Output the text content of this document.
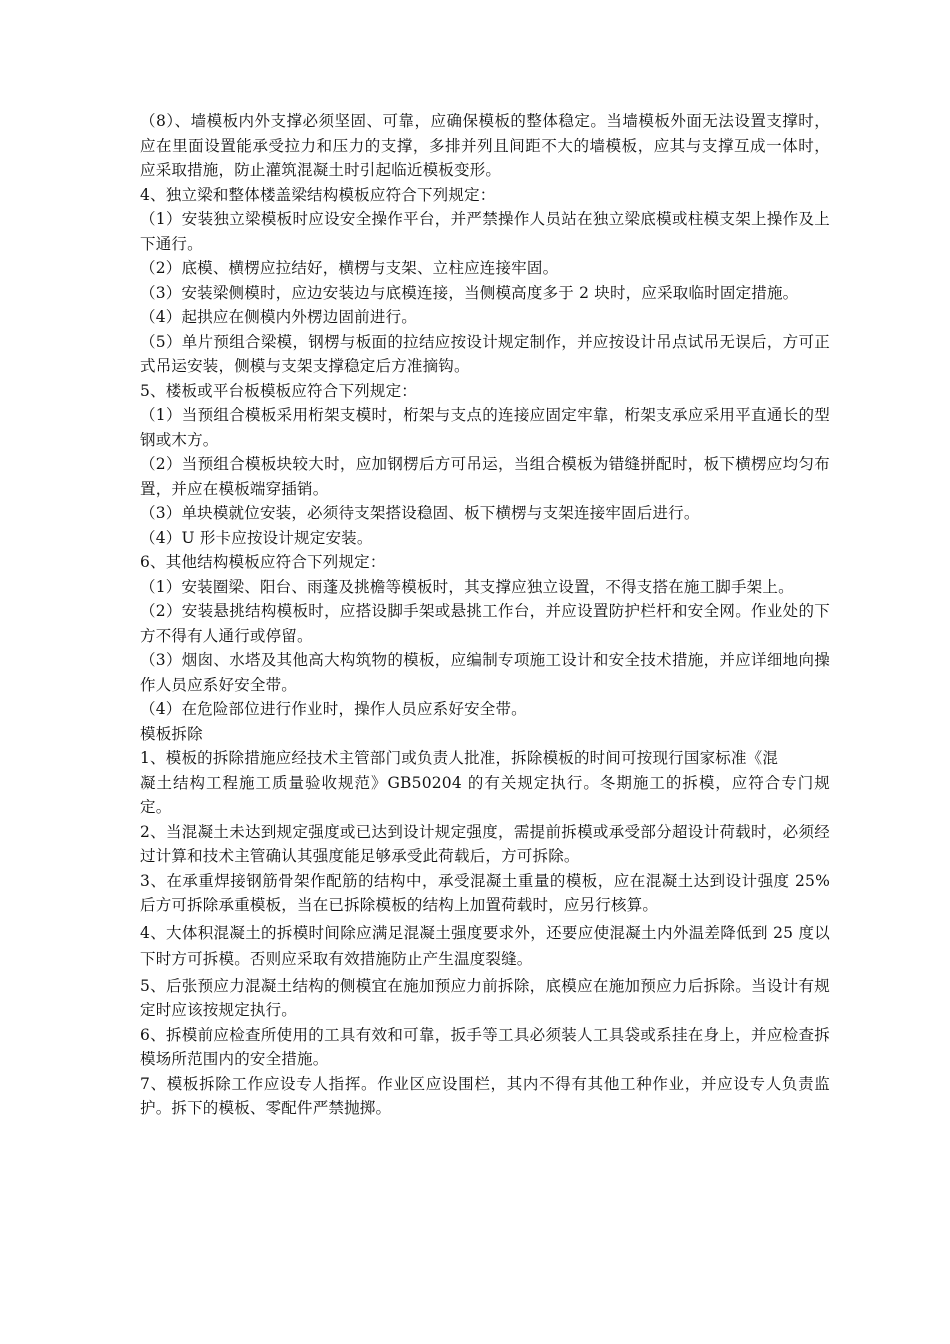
（8）、墙模板内外支撑必须坚固、可靠，应确保模板的整体稳定。当墙模板外面无法设置支撑时，应在里面设置能承受拉力和压力的支撑，多排并列且间距不大的墙模板，应其与支撑互成一体时，应采取措施，防止灌筑混凝土时引起临近模板变形。

4、独立梁和整体楼盖梁结构模板应符合下列规定：

（1）安装独立梁模板时应设安全操作平台，并严禁操作人员站在独立梁底模或柱模支架上操作及上下通行。

（2）底模、横楞应拉结好，横楞与支架、立柱应连接牢固。

（3）安装梁侧模时，应边安装边与底模连接，当侧模高度多于 2 块时，应采取临时固定措施。

（4）起拱应在侧模内外楞边固前进行。

（5）单片预组合梁模，钢楞与板面的拉结应按设计规定制作，并应按设计吊点试吊无误后，方可正式吊运安装，侧模与支架支撑稳定后方准摘钩。

5、楼板或平台板模板应符合下列规定：

（1）当预组合模板采用桁架支模时，桁架与支点的连接应固定牢靠，桁架支承应采用平直通长的型钢或木方。

（2）当预组合模板块较大时，应加钢楞后方可吊运，当组合模板为错缝拼配时，板下横楞应均匀布置，并应在模板端穿插销。

（3）单块模就位安装，必须待支架搭设稳固、板下横楞与支架连接牢固后进行。

（4）U 形卡应按设计规定安装。

6、其他结构模板应符合下列规定：

（1）安装圈梁、阳台、雨蓬及挑檐等模板时，其支撑应独立设置，不得支搭在施工脚手架上。

（2）安装悬挑结构模板时，应搭设脚手架或悬挑工作台，并应设置防护栏杆和安全网。作业处的下方不得有人通行或停留。

（3）烟囱、水塔及其他高大构筑物的模板，应编制专项施工设计和安全技术措施，并应详细地向操作人员应系好安全带。

（4）在危险部位进行作业时，操作人员应系好安全带。

模板拆除

1、模板的拆除措施应经技术主管部门或负责人批准，拆除模板的时间可按现行国家标准《混

凝土结构工程施工质量验收规范》GB50204 的有关规定执行。冬期施工的拆模，应符合专门规定。

2、当混凝土未达到规定强度或已达到设计规定强度，需提前拆模或承受部分超设计荷载时，必须经过计算和技术主管确认其强度能足够承受此荷载后，方可拆除。

3、在承重焊接钢筋骨架作配筋的结构中，承受混凝土重量的模板，应在混凝土达到设计强度 25%后方可拆除承重模板，当在已拆除模板的结构上加置荷载时，应另行核算。

4、大体积混凝土的拆模时间除应满足混凝土强度要求外，还要应使混凝土内外温差降低到 25 度以下时方可拆模。否则应采取有效措施防止产生温度裂缝。

5、后张预应力混凝土结构的侧模宜在施加预应力前拆除，底模应在施加预应力后拆除。当设计有规定时应该按规定执行。

6、拆模前应检查所使用的工具有效和可靠，扳手等工具必须装人工具袋或系挂在身上，并应检查拆模场所范围内的安全措施。

7、模板拆除工作应设专人指挥。作业区应设围栏，其内不得有其他工种作业，并应设专人负责监护。拆下的模板、零配件严禁抛掷。
